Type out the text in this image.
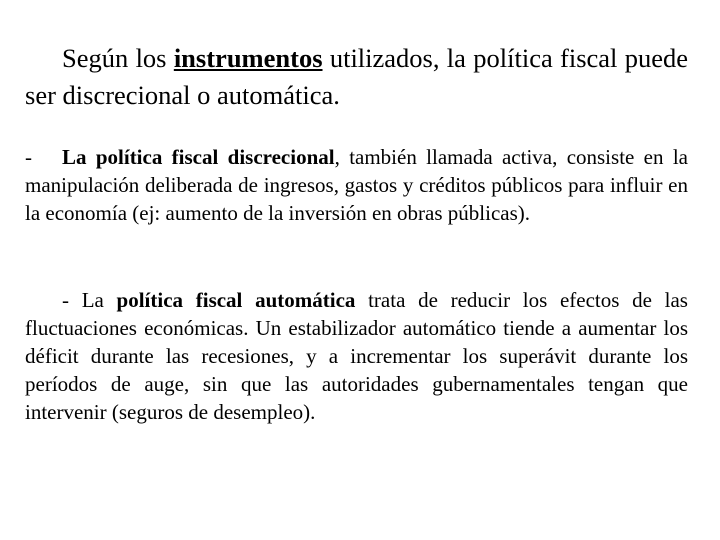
Según los instrumentos utilizados, la política fiscal puede ser discrecional o automática.

- La política fiscal discrecional, también llamada activa, consiste en la manipulación deliberada de ingresos, gastos y créditos públicos para influir en la economía (ej: aumento de la inversión en obras públicas).

- La política fiscal automática trata de reducir los efectos de las fluctuaciones económicas. Un estabilizador automático tiende a aumentar los déficit durante las recesiones, y a incrementar los superávit durante los períodos de auge, sin que las autoridades gubernamentales tengan que intervenir (seguros de desempleo).
